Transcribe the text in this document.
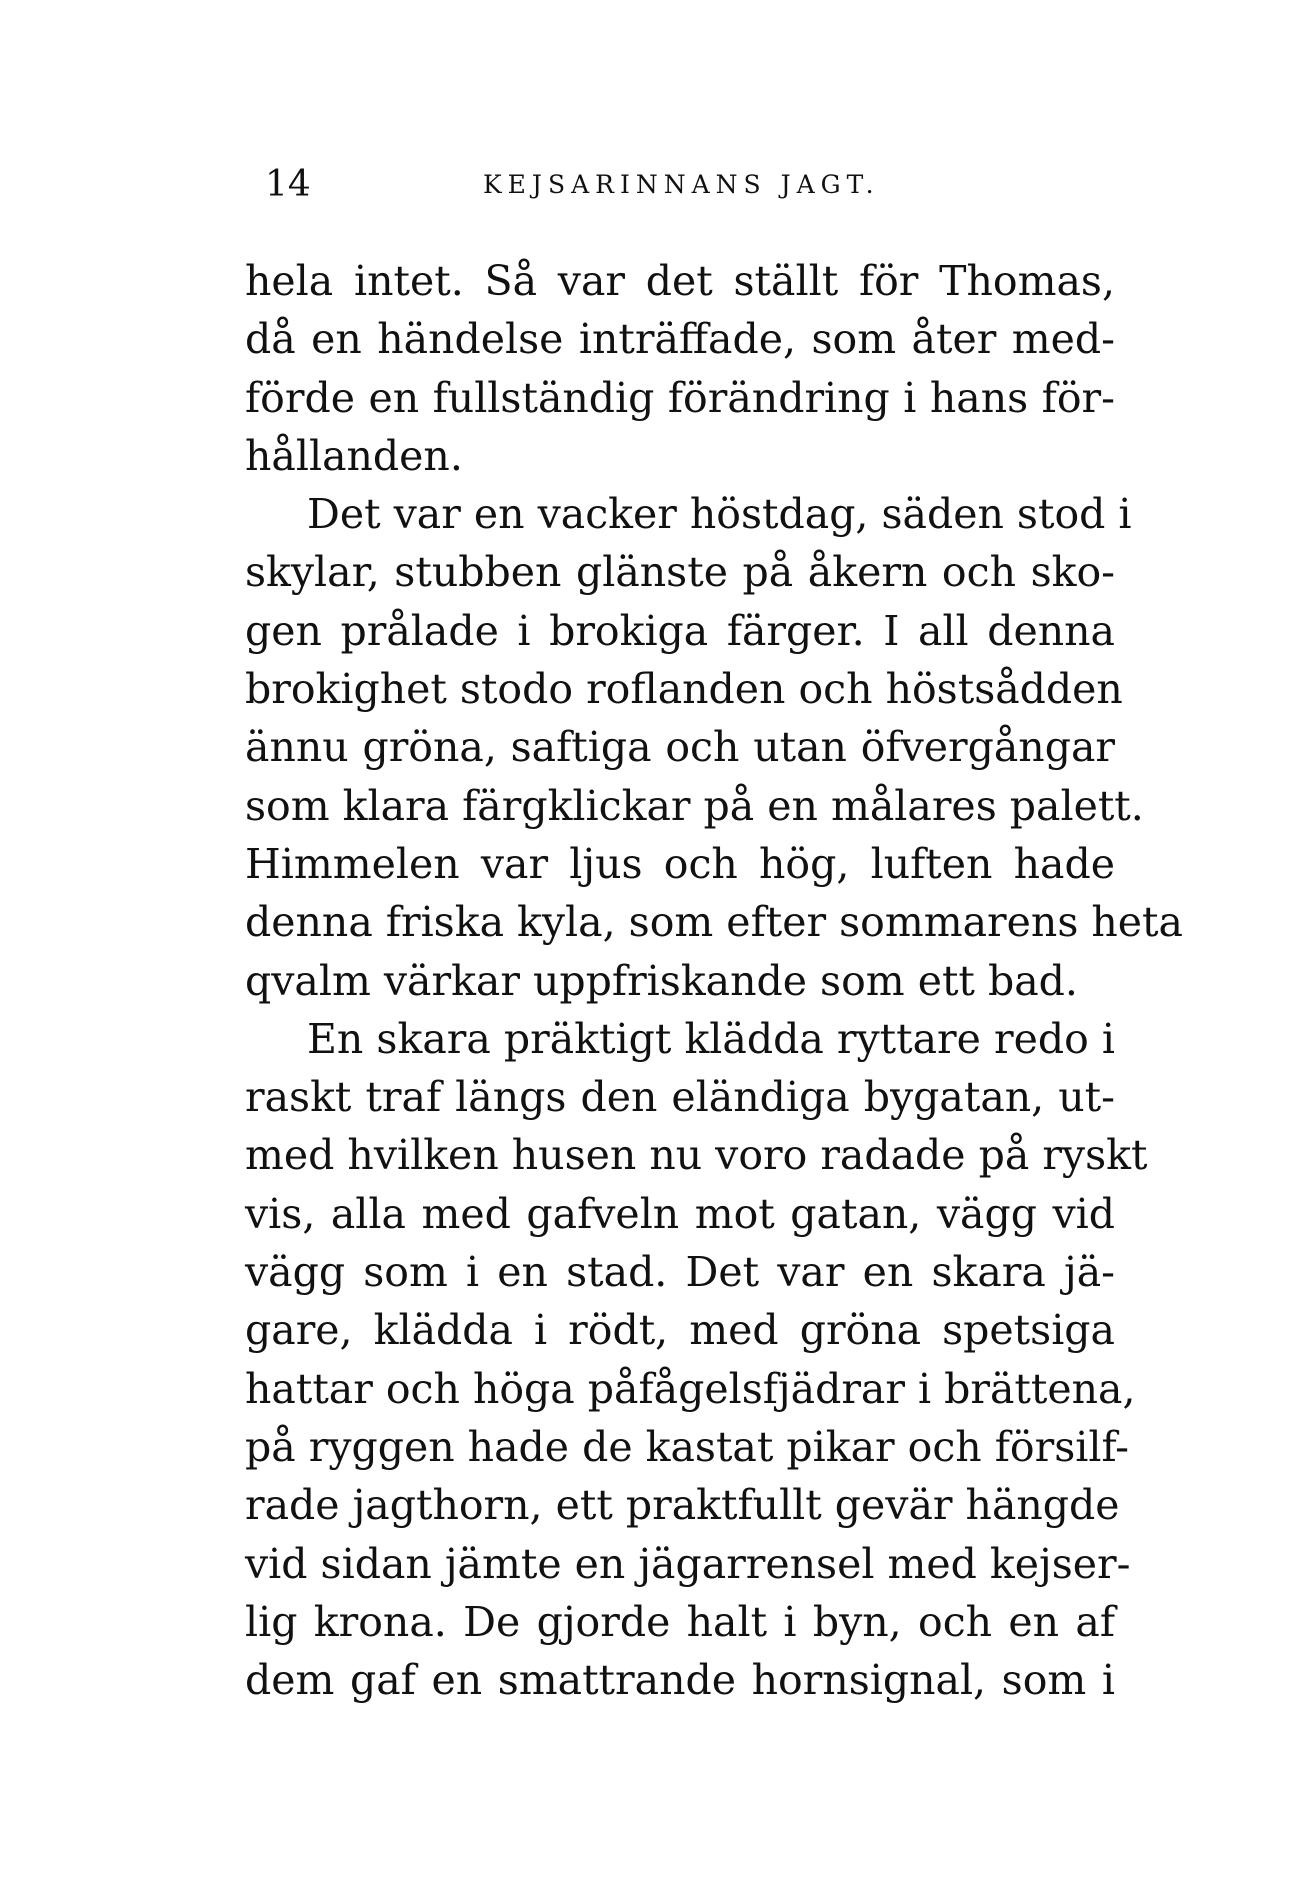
14	KEJSARINNANS JAGT.
hela intet. Så var det ställt för Thomas,
då en händelse inträffade, som åter med-
förde en fullständig förändring i hans för-
hållanden.
Det var en vacker höstdag, säden stod i
skylar, stubben glänste på åkern och sko-
gen prålade i brokiga färger. I all denna
brokighet stodo roflanden och höstsådden
ännu gröna, saftiga och utan öfvergångar
som klara färgklickar på en målares palett.
Himmelen var ljus och hög, luften hade
denna friska kyla, som efter sommarens heta
qvalm värkar uppfriskande som ett bad.
En skara präktigt klädda ryttare redo i
raskt traf längs den eländiga bygatan, ut-
med hvilken husen nu voro radade på ryskt
vis, alla med gafveln mot gatan, vägg vid
vägg som i en stad. Det var en skara jä-
gare, klädda i rödt, med gröna spetsiga
hattar och höga påfågelsfjädrar i brättena,
på ryggen hade de kastat pikar och försilf-
rade jagthorn, ett praktfullt gevär hängde
vid sidan jämte en jägarrensel med kejser-
lig krona. De gjorde halt i byn, och en af
dem gaf en smattrande hornsignal, som i
